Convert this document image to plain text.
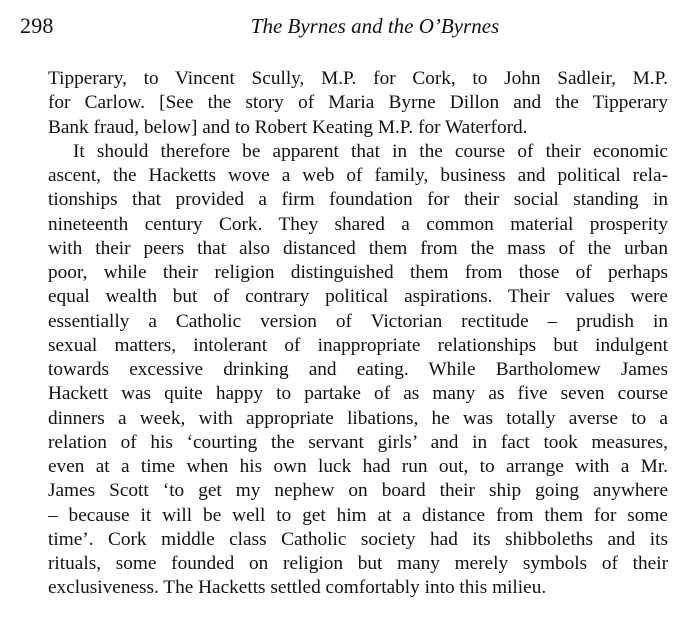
298	The Byrnes and the O’Byrnes
Tipperary, to Vincent Scully, M.P. for Cork, to John Sadleir, M.P.
for Carlow. [See the story of Maria Byrne Dillon and the Tipperary
Bank fraud, below] and to Robert Keating M.P. for Waterford.
It should therefore be apparent that in the course of their economic
ascent, the Hacketts wove a web of family, business and political rela-
tionships that provided a firm foundation for their social standing in
nineteenth century Cork. They shared a common material prosperity
with their peers that also distanced them from the mass of the urban
poor, while their religion distinguished them from those of perhaps
equal wealth but of contrary political aspirations. Their values were
essentially a Catholic version of Victorian rectitude – prudish in
sexual matters, intolerant of inappropriate relationships but indulgent
towards excessive drinking and eating. While Bartholomew James
Hackett was quite happy to partake of as many as five seven course
dinners a week, with appropriate libations, he was totally averse to a
relation of his ‘courting the servant girls’ and in fact took measures,
even at a time when his own luck had run out, to arrange with a Mr.
James Scott ‘to get my nephew on board their ship going anywhere
– because it will be well to get him at a distance from them for some
time’. Cork middle class Catholic society had its shibboleths and its
rituals, some founded on religion but many merely symbols of their
exclusiveness. The Hacketts settled comfortably into this milieu.
